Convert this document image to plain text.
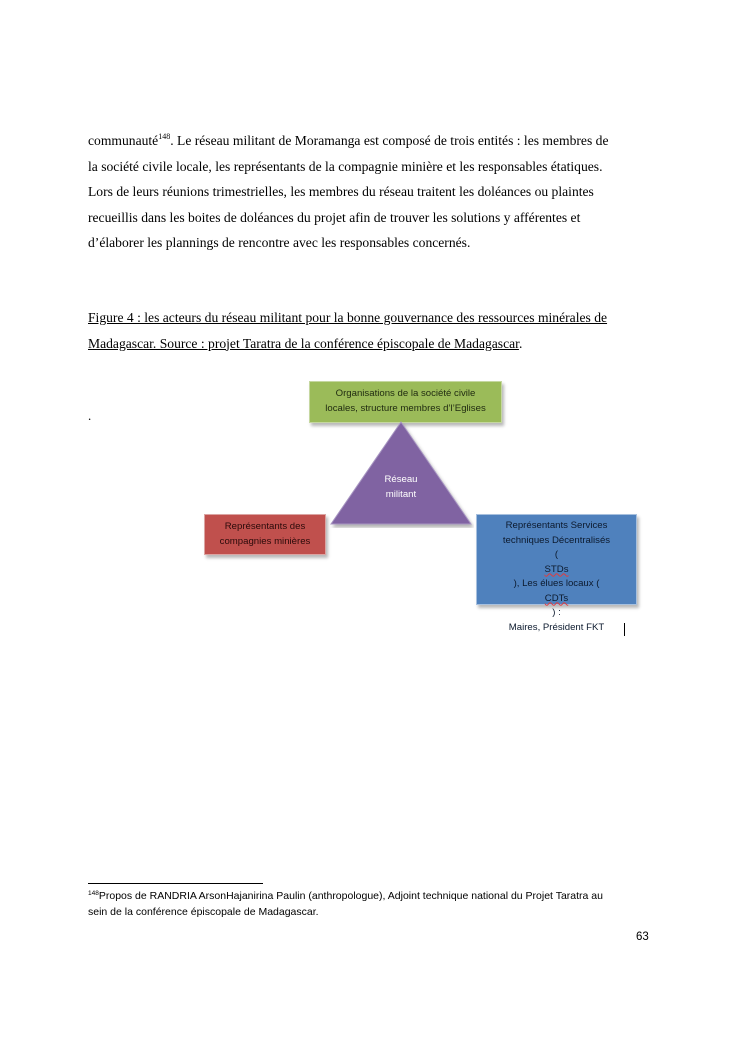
communauté$^{148}$. Le réseau militant de Moramanga est composé de trois entités : les membres de
la société civile locale, les représentants de la compagnie minière et les responsables étatiques.
Lors de leurs réunions trimestrielles, les membres du réseau traitent les doléances ou plaintes
recueillis dans les boites de doléances du projet afin de trouver les solutions y afférentes et
d’élaborer les plannings de rencontre avec les responsables concernés.
Figure 4 : les acteurs du réseau militant pour la bonne gouvernance des ressources minérales de
Madagascar. Source : projet Taratra de la conférence épiscopale de Madagascar.
.
Organisations de la société civile
locales, structure membres d’l’Eglises
Réseau
militant
Représentants des
compagnies minières
Représentants Services
techniques Décentralisés
(
STDs
), Les élues locaux (
CDTs
) :
Maires, Président FKT
$^{148}$Propos de RANDRIA ArsonHajanirina Paulin (anthropologue), Adjoint technique national du Projet Taratra au
sein de la conférence épiscopale de Madagascar.
63
